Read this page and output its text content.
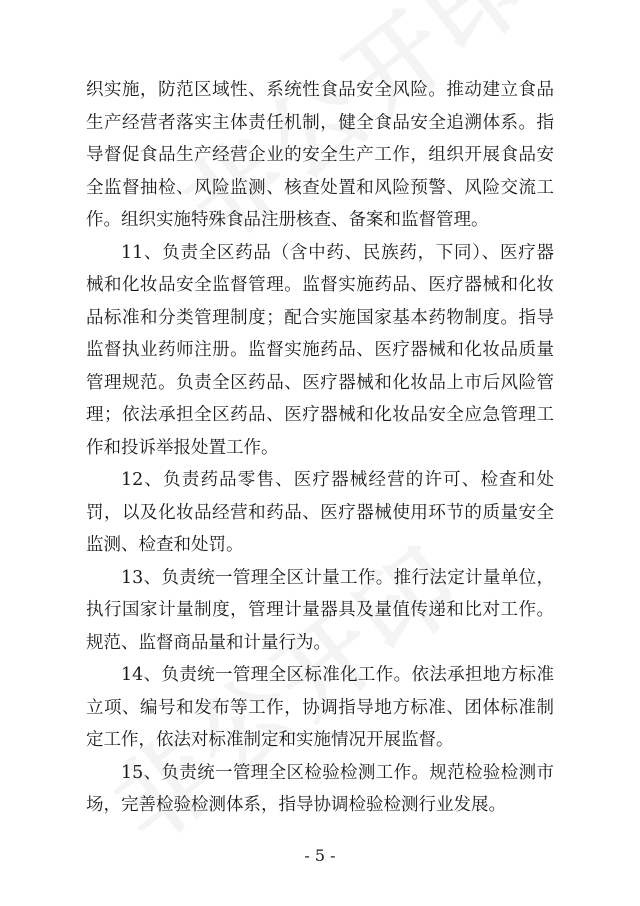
织实施，防范区域性、系统性食品安全风险。推动建立食品生产经营者落实主体责任机制，健全食品安全追溯体系。指导督促食品生产经营企业的安全生产工作，组织开展食品安全监督抽检、风险监测、核查处置和风险预警、风险交流工作。组织实施特殊食品注册核查、备案和监督管理。

11、负责全区药品（含中药、民族药，下同）、医疗器械和化妆品安全监督管理。监督实施药品、医疗器械和化妆品标准和分类管理制度；配合实施国家基本药物制度。指导监督执业药师注册。监督实施药品、医疗器械和化妆品质量管理规范。负责全区药品、医疗器械和化妆品上市后风险管理；依法承担全区药品、医疗器械和化妆品安全应急管理工作和投诉举报处置工作。

12、负责药品零售、医疗器械经营的许可、检查和处罚，以及化妆品经营和药品、医疗器械使用环节的质量安全监测、检查和处罚。

13、负责统一管理全区计量工作。推行法定计量单位，执行国家计量制度，管理计量器具及量值传递和比对工作。规范、监督商品量和计量行为。

14、负责统一管理全区标准化工作。依法承担地方标准立项、编号和发布等工作，协调指导地方标准、团体标准制定工作，依法对标准制定和实施情况开展监督。

15、负责统一管理全区检验检测工作。规范检验检测市场，完善检验检测体系，指导协调检验检测行业发展。

- 5 -
